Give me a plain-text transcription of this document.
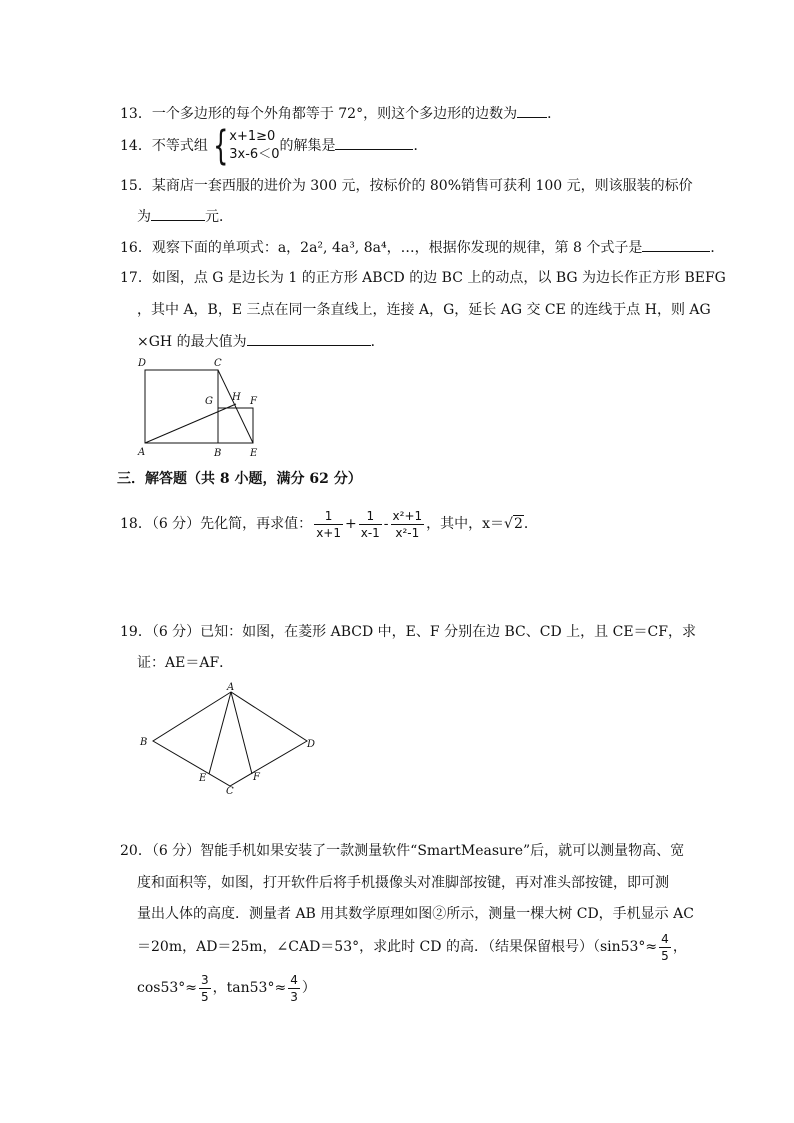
13．一个多边形的每个外角都等于 72°，则这个多边形的边数为 ．
14．不等式组 { x+1≥0
3x-6＜0
的解集是	．
15．某商店一套西服的进价为 300 元，按标价的 80%销售可获利 100 元，则该服装的标价
为	元．
16．观察下面的单项式：a，2a², 4a³, 8a⁴，…，根据你发现的规律，第 8 个式子是	．
17．如图，点 G 是边长为 1 的正方形 ABCD 的边 BC 上的动点，以 BG 为边长作正方形 BEFG
，其中 A，B，E 三点在同一条直线上，连接 A，G，延长 AG 交 CE 的连线于点 H，则 AG
×GH 的最大值为	．
D	C
G H F
A	B	E
三．解答题（共 8 小题，满分 62 分）
18．（6 分）先化简，再求值： $\frac{1}{x+1} + \frac{1}{x-1} - \frac{\text{x²+1}}{\text{x²-1}}$ ，其中，x＝√2．
19．（6 分）已知：如图，在菱形 ABCD 中，E、F 分别在边 BC、CD 上，且 CE＝CF，求
证：AE＝AF．
A
B
C
D
E	F
20．（6 分）智能手机如果安装了一款测量软件“SmartMeasure”后，就可以测量物高、宽
度和面积等，如图，打开软件后将手机摄像头对准脚部按键，再对准头部按键，即可测
量出人体的高度．测量者 AB 用其数学原理如图②所示，测量一棵大树 CD，手机显示 AC
＝20m，AD＝25m，∠CAD＝53°，求此时 CD 的高．（结果保留根号）（$\sin 53^\circ\approx \frac{4}{5}$ ，
$\cos 53^\circ\approx \frac{3}{5}$ ，$\tan 53^\circ\approx \frac{4}{3}$ ）
